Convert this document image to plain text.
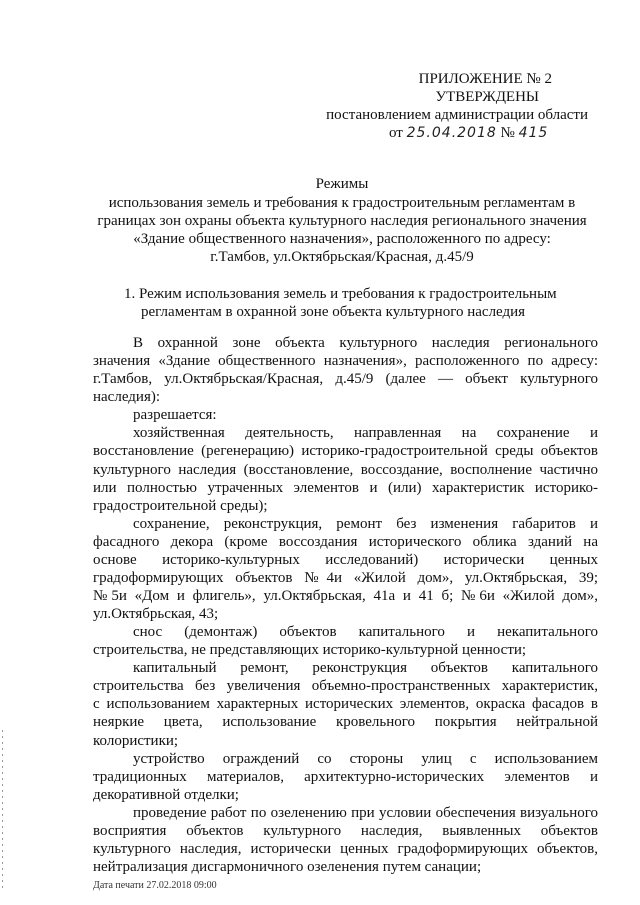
ПРИЛОЖЕНИЕ № 2
УТВЕРЖДЕНЫ
постановлением администрации области
от 25.04.2018 № 415
Режимы
использования земель и требования к градостроительным регламентам в
границах зон охраны объекта культурного наследия регионального значения
«Здание общественного назначения», расположенного по адресу:
г.Тамбов, ул.Октябрьская/Красная, д.45/9
1. Режим использования земель и требования к градостроительным
регламентам в охранной зоне объекта культурного наследия
В охранной зоне объекта культурного наследия регионального
значения «Здание общественного назначения», расположенного по адресу:
г.Тамбов, ул.Октябрьская/Красная, д.45/9 (далее — объект культурного
наследия):
разрешается:
хозяйственная деятельность, направленная на сохранение и
восстановление (регенерацию) историко-градостроительной среды объектов
культурного наследия (восстановление, воссоздание, восполнение частично
или полностью утраченных элементов и (или) характеристик историко-
градостроительной среды);
сохранение, реконструкция, ремонт без изменения габаритов и
фасадного декора (кроме воссоздания исторического облика зданий на
основе историко-культурных исследований) исторически ценных
градоформирующих объектов №4и «Жилой дом», ул.Октябрьская, 39;
№5и «Дом и флигель», ул.Октябрьская, 41а и 41 б; №6и «Жилой дом»,
ул.Октябрьская, 43;
снос (демонтаж) объектов капитального и некапитального
строительства, не представляющих историко-культурной ценности;
капитальный ремонт, реконструкция объектов капитального
строительства без увеличения объемно-пространственных характеристик,
с использованием характерных исторических элементов, окраска фасадов в
неяркие цвета, использование кровельного покрытия нейтральной
колористики;
устройство ограждений со стороны улиц с использованием
традиционных материалов, архитектурно-исторических элементов и
декоративной отделки;
проведение работ по озеленению при условии обеспечения визуального
восприятия объектов культурного наследия, выявленных объектов
Дата печати 27.02.2018 09:00
культурного наследия, исторически ценных градоформирующих объектов,
нейтрализация дисгармоничного озеленения путем санации;
